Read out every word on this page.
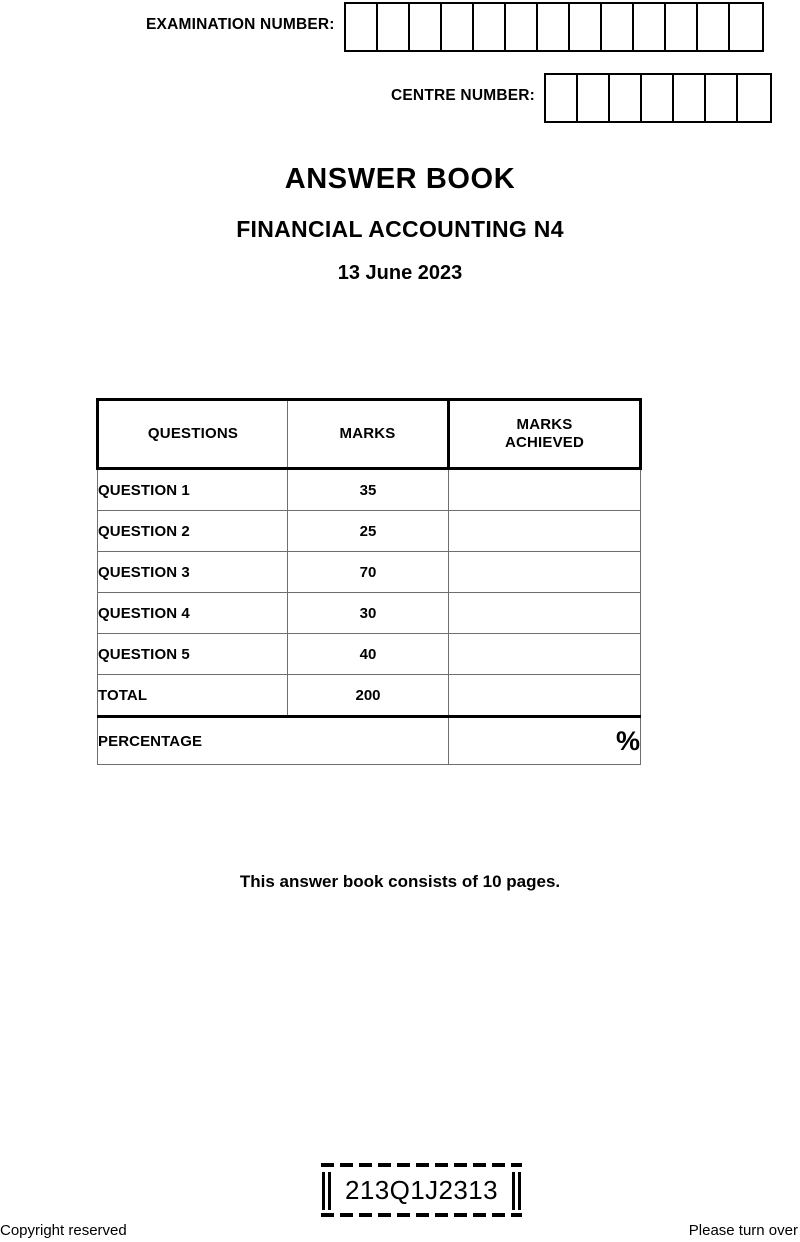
EXAMINATION NUMBER:
CENTRE NUMBER:
ANSWER BOOK
FINANCIAL ACCOUNTING N4
13 June 2023
QUESTIONS	MARKS	MARKS
ACHIEVED
QUESTION 1	35	
QUESTION 2	25	
QUESTION 3	70	
QUESTION 4	30	
QUESTION 5	40	
TOTAL	200	
PERCENTAGE		%
This answer book consists of 10 pages.
213Q1J2313
Copyright reserved	Please turn over
